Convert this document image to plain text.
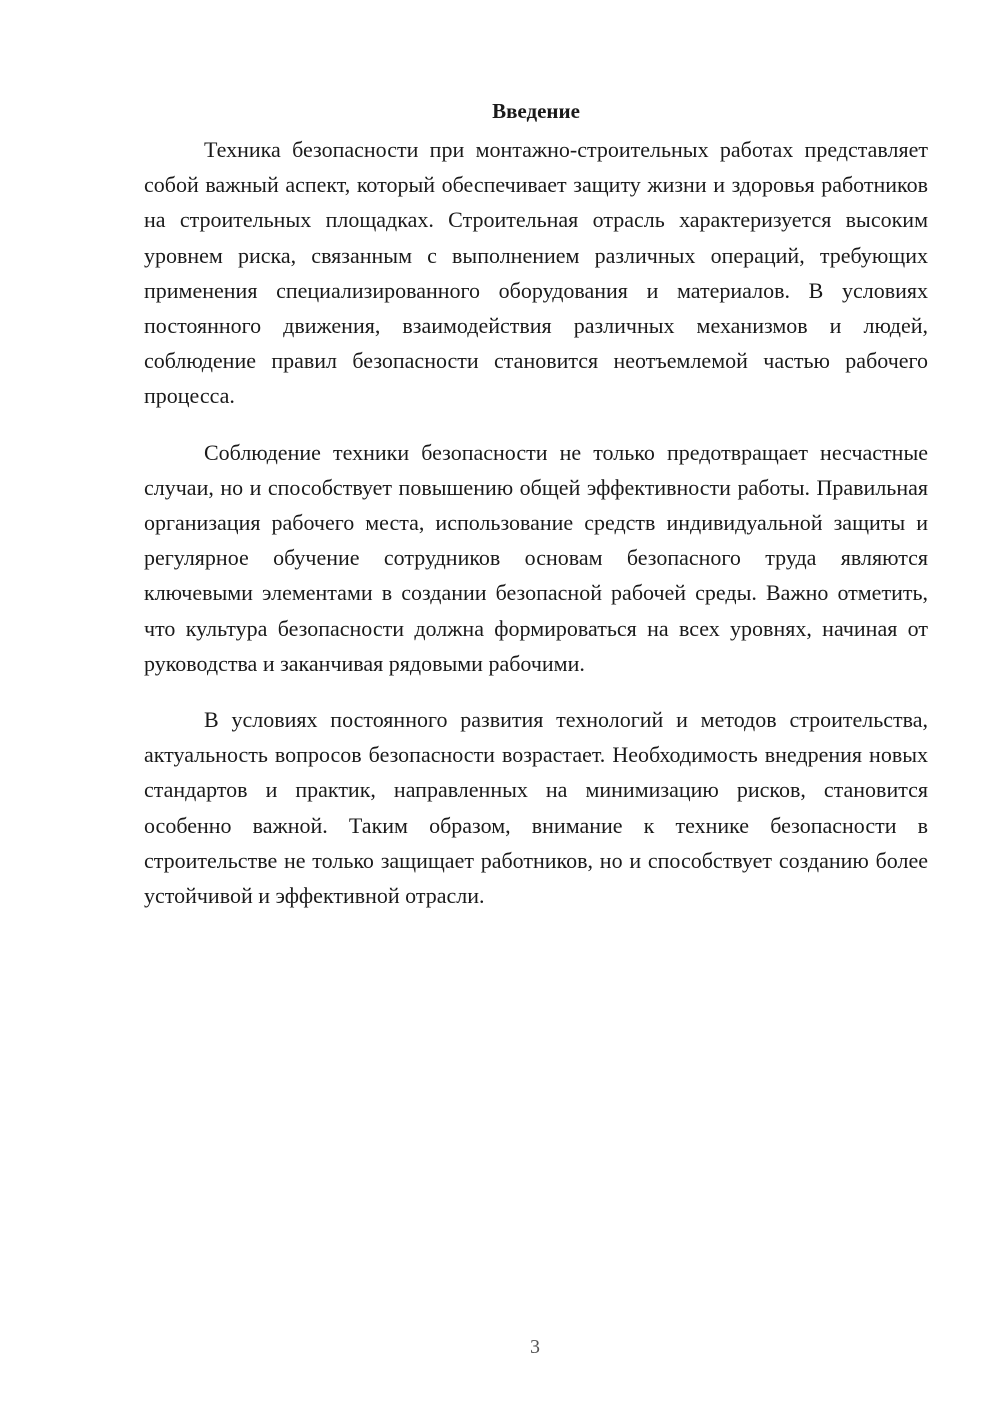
Введение

Техника безопасности при монтажно-строительных работах представляет собой важный аспект, который обеспечивает защиту жизни и здоровья работников на строительных площадках. Строительная отрасль характеризуется высоким уровнем риска, связанным с выполнением различных операций, требующих применения специализированного оборудования и материалов. В условиях постоянного движения, взаимодействия различных механизмов и людей, соблюдение правил безопасности становится неотъемлемой частью рабочего процесса.

Соблюдение техники безопасности не только предотвращает несчастные случаи, но и способствует повышению общей эффективности работы. Правильная организация рабочего места, использование средств индивидуальной защиты и регулярное обучение сотрудников основам безопасного труда являются ключевыми элементами в создании безопасной рабочей среды. Важно отметить, что культура безопасности должна формироваться на всех уровнях, начиная от руководства и заканчивая рядовыми рабочими.

В условиях постоянного развития технологий и методов строительства, актуальность вопросов безопасности возрастает. Необходимость внедрения новых стандартов и практик, направленных на минимизацию рисков, становится особенно важной. Таким образом, внимание к технике безопасности в строительстве не только защищает работников, но и способствует созданию более устойчивой и эффективной отрасли.

3
